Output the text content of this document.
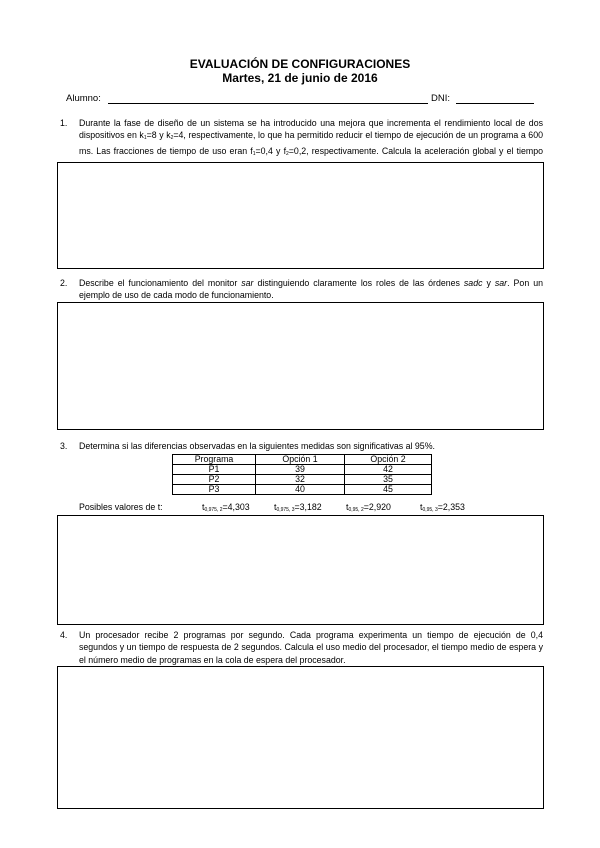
EVALUACIÓN DE CONFIGURACIONES
Martes, 21 de junio de 2016
Alumno:	DNI:
1. Durante la fase de diseño de un sistema se ha introducido una mejora que incrementa el rendimiento local de dos dispositivos en $k_1=8$ y $k_2=4$, respectivamente, lo que ha permitido reducir el tiempo de ejecución de un programa a 600 ms. Las fracciones de tiempo de uso eran $f_1=0,4$ y $f_2=0,2$, respectivamente. Calcula la aceleración global y el tiempo
2. Describe el funcionamiento del monitor sar distinguiendo claramente los roles de las órdenes sadc y sar. Pon un ejemplo de uso de cada modo de funcionamiento.
3. Determina si las diferencias observadas en la siguientes medidas son significativas al 95%.
Programa	Opción 1	Opción 2
P1	39	42
P2	32	35
P3	40	45
Posibles valores de t:	$t_{0,975, 2}=4,303$	$t_{0,975, 3}=3,182$	$t_{0,95, 2}=2,920$	$t_{0,95, 3}=2,353$
4. Un procesador recibe 2 programas por segundo. Cada programa experimenta un tiempo de ejecución de 0,4 segundos y un tiempo de respuesta de 2 segundos. Calcula el uso medio del procesador, el tiempo medio de espera y el número medio de programas en la cola de espera del procesador.
